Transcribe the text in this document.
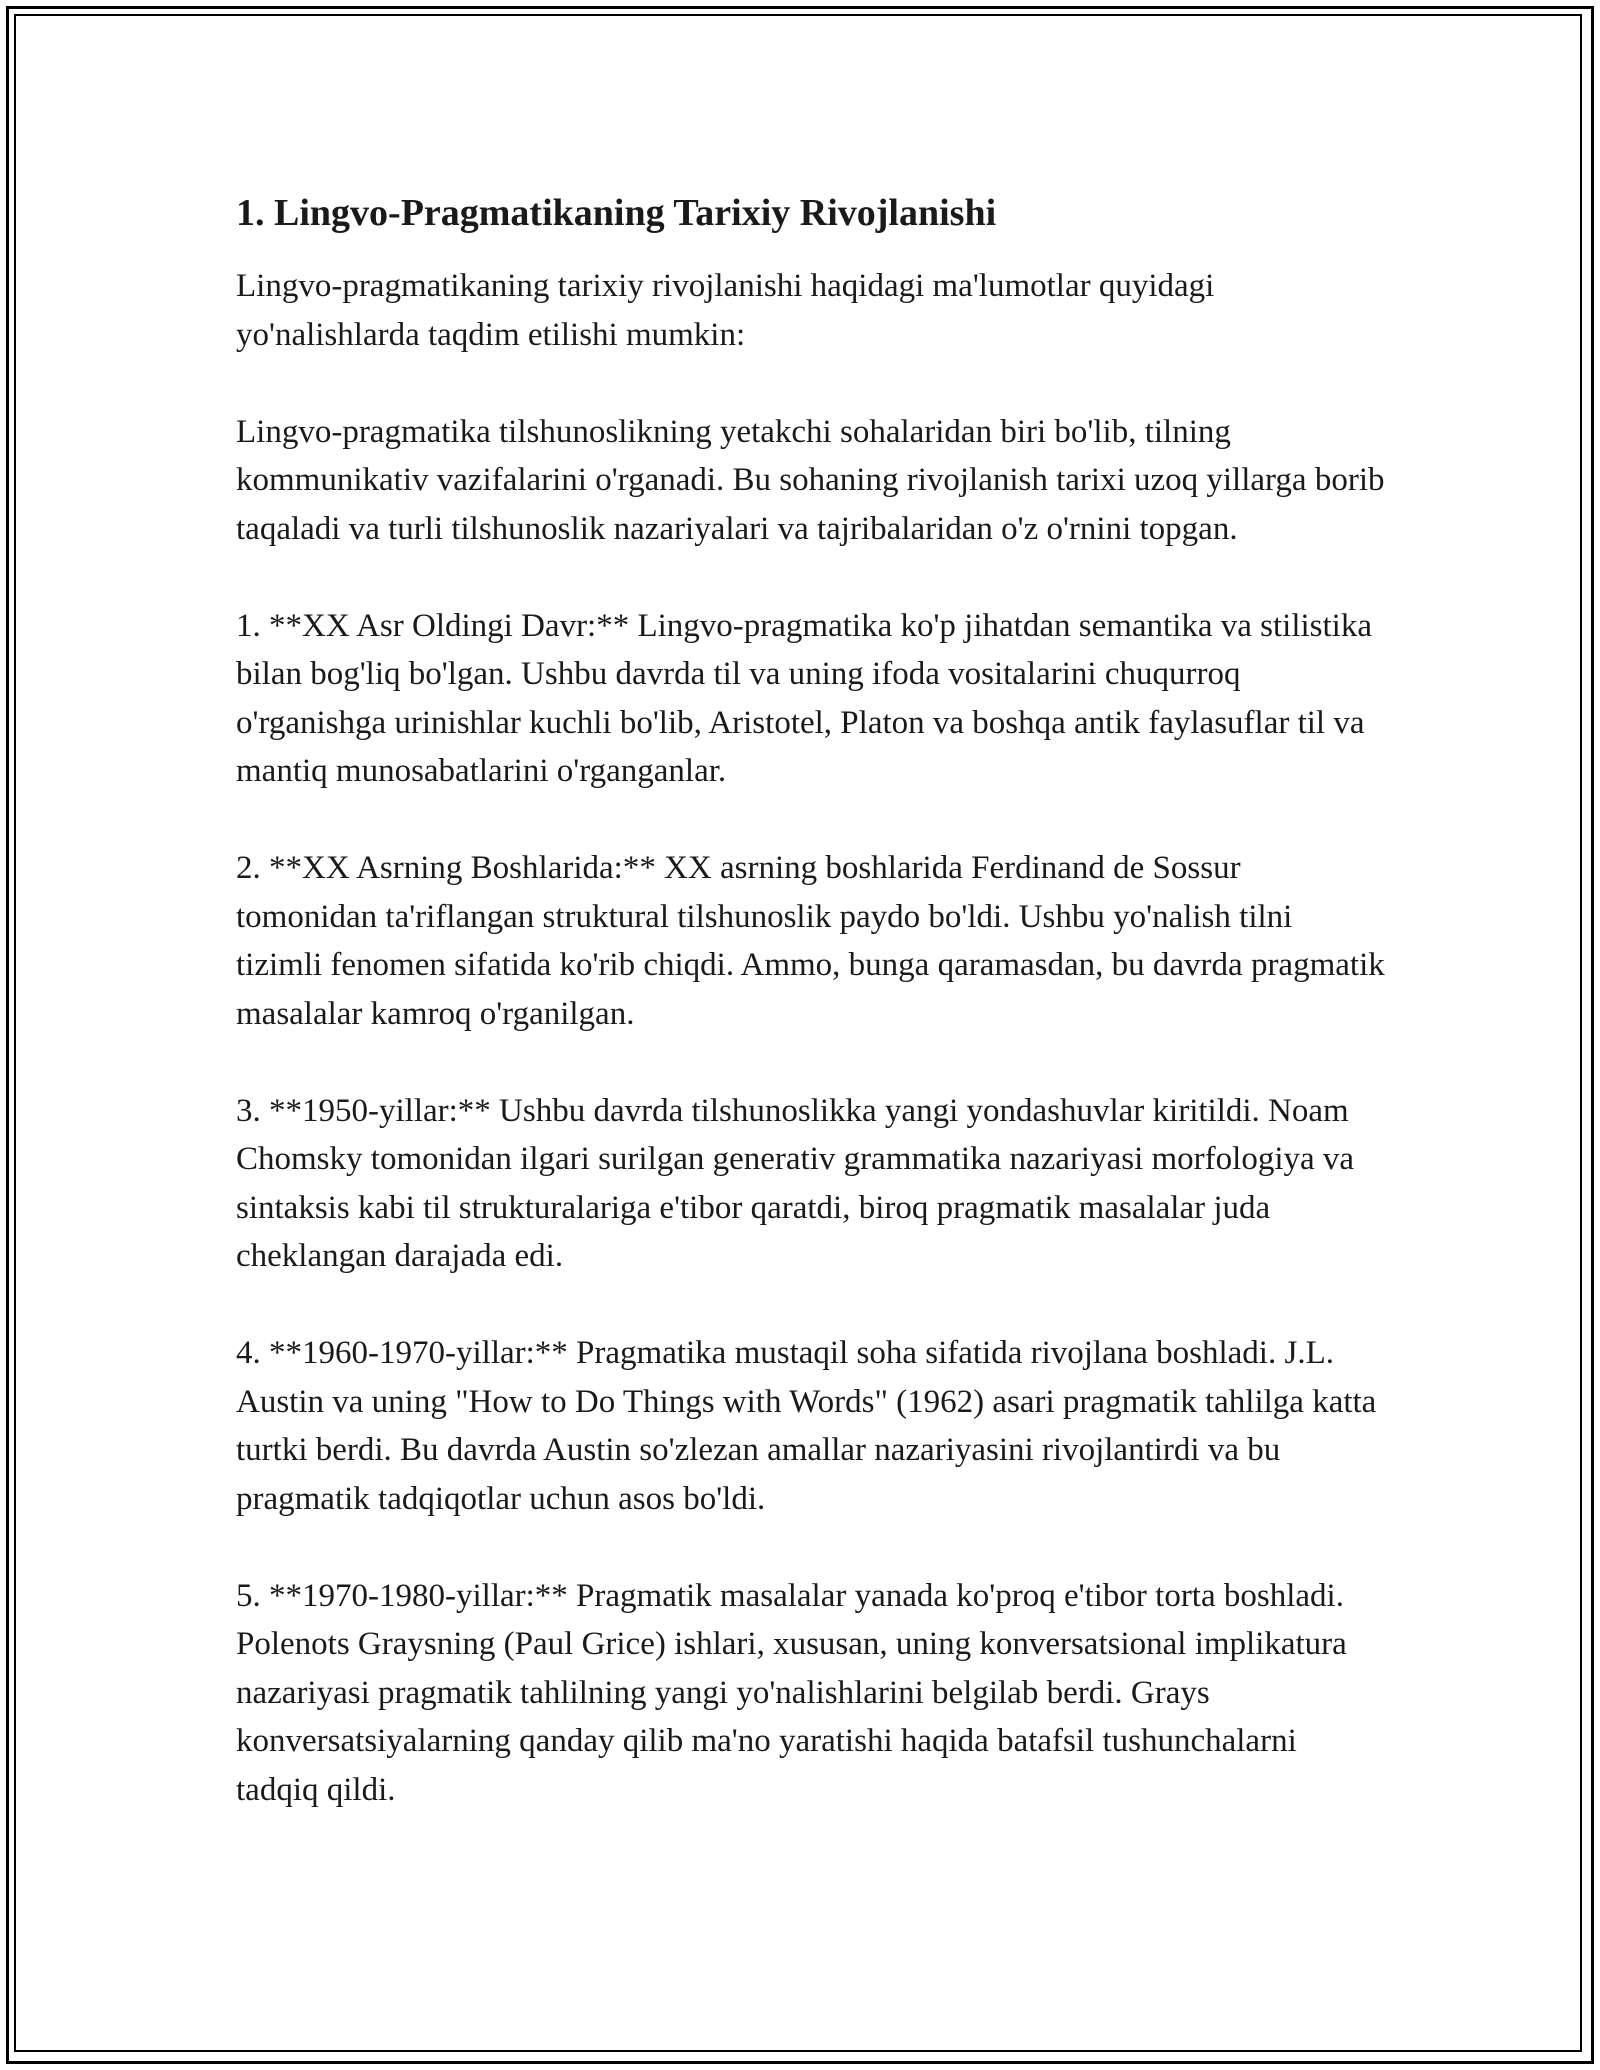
1. Lingvo-Pragmatikaning Tarixiy Rivojlanishi

Lingvo-pragmatikaning tarixiy rivojlanishi haqidagi ma'lumotlar quyidagi yo'nalishlarda taqdim etilishi mumkin:

Lingvo-pragmatika tilshunoslikning yetakchi sohalaridan biri bo'lib, tilning kommunikativ vazifalarini o'rganadi. Bu sohaning rivojlanish tarixi uzoq yillarga borib taqaladi va turli tilshunoslik nazariyalari va tajribalaridan o'z o'rnini topgan.

1. **XX Asr Oldingi Davr:** Lingvo-pragmatika ko'p jihatdan semantika va stilistika bilan bog'liq bo'lgan. Ushbu davrda til va uning ifoda vositalarini chuqurroq o'rganishga urinishlar kuchli bo'lib, Aristotel, Platon va boshqa antik faylasuflar til va mantiq munosabatlarini o'rganganlar.

2. **XX Asrning Boshlarida:** XX asrning boshlarida Ferdinand de Sossur tomonidan ta'riflangan struktural tilshunoslik paydo bo'ldi. Ushbu yo'nalish tilni tizimli fenomen sifatida ko'rib chiqdi. Ammo, bunga qaramasdan, bu davrda pragmatik masalalar kamroq o'rganilgan.

3. **1950-yillar:** Ushbu davrda tilshunoslikka yangi yondashuvlar kiritildi. Noam Chomsky tomonidan ilgari surilgan generativ grammatika nazariyasi morfologiya va sintaksis kabi til strukturalariga e'tibor qaratdi, biroq pragmatik masalalar juda cheklangan darajada edi.

4. **1960-1970-yillar:** Pragmatika mustaqil soha sifatida rivojlana boshladi. J.L. Austin va uning "How to Do Things with Words" (1962) asari pragmatik tahlilga katta turtki berdi. Bu davrda Austin so'zlezan amallar nazariyasini rivojlantirdi va bu pragmatik tadqiqotlar uchun asos bo'ldi.

5. **1970-1980-yillar:** Pragmatik masalalar yanada ko'proq e'tibor torta boshladi. Polenots Graysning (Paul Grice) ishlari, xususan, uning konversatsional implikatura nazariyasi pragmatik tahlilning yangi yo'nalishlarini belgilab berdi. Grays konversatsiyalarning qanday qilib ma'no yaratishi haqida batafsil tushunchalarni tadqiq qildi.
